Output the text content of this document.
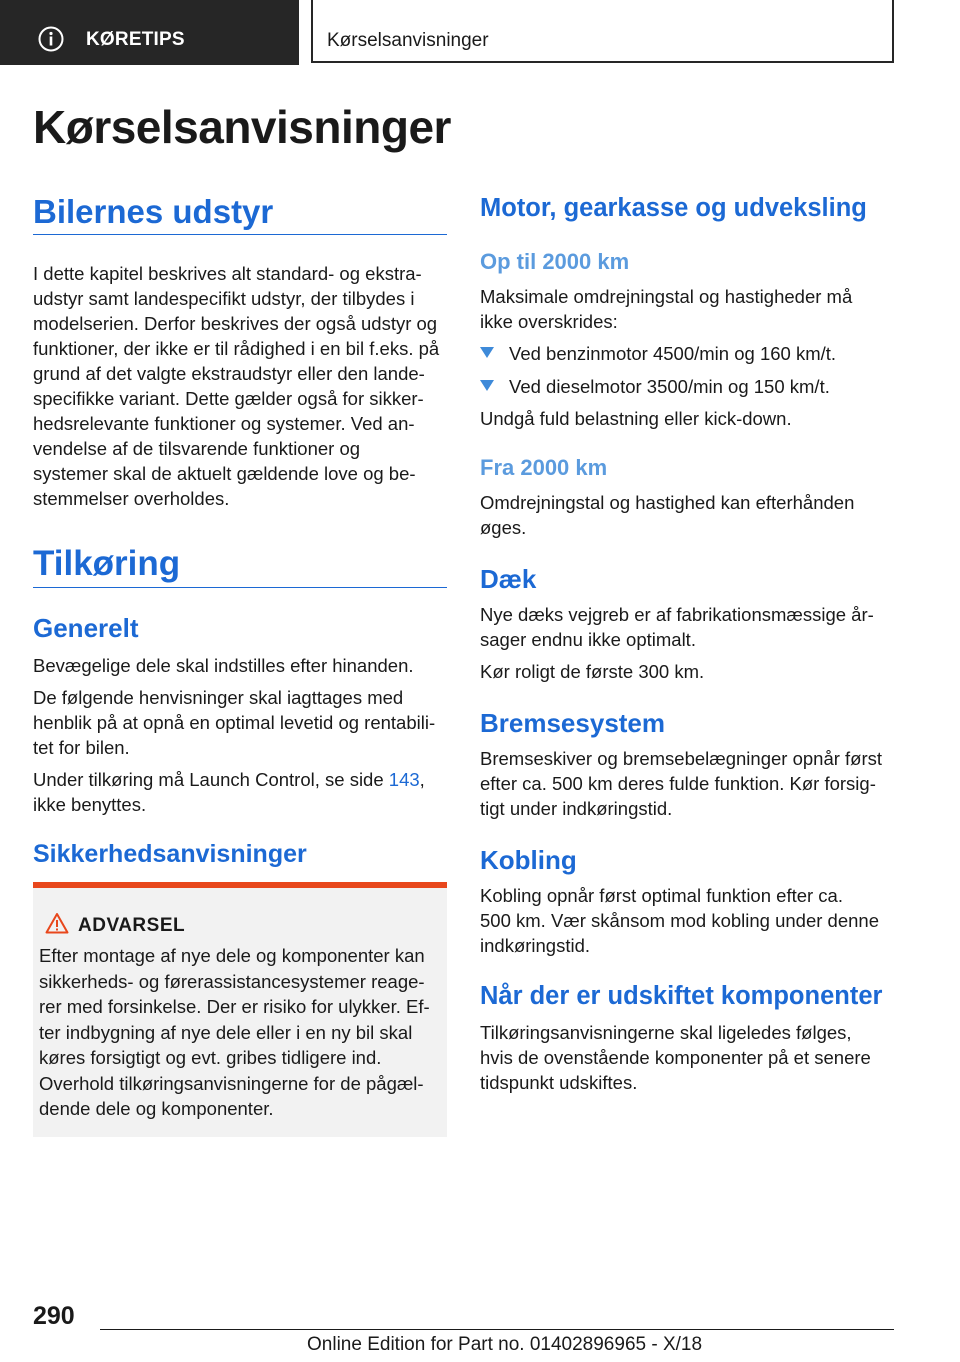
KØRETIPS	Kørselsanvisninger
Kørselsanvisninger
Bilernes udstyr

I dette kapitel beskrives alt standard- og ekstra-
udstyr samt landespecifikt udstyr, der tilbydes i
modelserien. Derfor beskrives der også udstyr og
funktioner, der ikke er til rådighed i en bil f.eks. på
grund af det valgte ekstraudstyr eller den lande-
specifikke variant. Dette gælder også for sikker-
hedsrelevante funktioner og systemer. Ved an-
vendelse af de tilsvarende funktioner og
systemer skal de aktuelt gældende love og be-
stemmelser overholdes.

Tilkøring
Generelt

Bevægelige dele skal indstilles efter hinanden.

De følgende henvisninger skal iagttages med
henblik på at opnå en optimal levetid og rentabili-
tet for bilen.

Under tilkøring må Launch Control, se side 143,
ikke benyttes.

Sikkerhedsanvisninger

ADVARSEL

Efter montage af nye dele og komponenter kan
sikkerheds- og førerassistancesystemer reage-
rer med forsinkelse. Der er risiko for ulykker. Ef-
ter indbygning af nye dele eller i en ny bil skal
køres forsigtigt og evt. gribes tidligere ind.
Overhold tilkøringsanvisningerne for de pågæl-
dende dele og komponenter.

Motor, gearkasse og udveksling
Op til 2000 km

Maksimale omdrejningstal og hastigheder må
ikke overskrides:

Ved benzinmotor 4500/min og 160 km/t.
Ved dieselmotor 3500/min og 150 km/t.

Undgå fuld belastning eller kick-down.

Fra 2000 km

Omdrejningstal og hastighed kan efterhånden
øges.

Dæk

Nye dæks vejgreb er af fabrikationsmæssige år-
sager endnu ikke optimalt.

Kør roligt de første 300 km.

Bremsesystem

Bremseskiver og bremsebelægninger opnår først
efter ca. 500 km deres fulde funktion. Kør forsig-
tigt under indkøringstid.

Kobling

Kobling opnår først optimal funktion efter ca.
500 km. Vær skånsom mod kobling under denne
indkøringstid.

Når der er udskiftet komponenter

Tilkøringsanvisningerne skal ligeledes følges,
hvis de ovenstående komponenter på et senere
tidspunkt udskiftes.

290
Online Edition for Part no. 01402896965 - X/18
